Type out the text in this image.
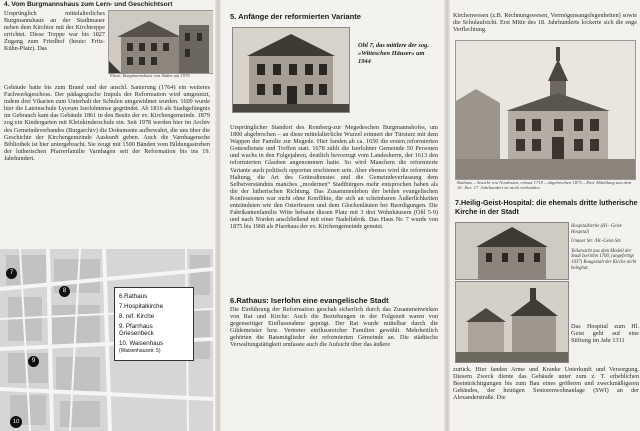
4. Vom Burgmannshaus zum Lern- und Geschichtsort

Ursprünglich mittelalterliches Burgmannshaus an der Stadtmauer neben dem Kirchtor mit der Kirchtreppe errichtet. Diese Treppe war bis 1827 Zugang zum Friedhof (heute: Fritz-Kühn-Platz). Das

Ehem. Burgmannshaus von Süden um 1970

Gebäude hatte bis zum Brand und der anschl. Sanierung (1764) ein weiteres Fachwerkgeschoss. Der pädagogische Impuls der Reformation wird umgesetzt, indem drei Vikarien zum Unterhalt der Schulen umgewidmet wurden. 1609 wurde hier die Lateinschule Lyceum Iserlohnense gegründet. Ab 1816 als Stadtgefängnis im Gebrauch kam das Gebäude 1861 in den Besitz der ev. Kirchengemeinde. 1879 zog ein Kindergarten mit Kleinkinderschule ein. Seit 1978 werden hier im Archiv des Gemeindeverbandes (Burgarchiv) die Dokumente aufbewahrt, die uns über die Geschichte der Kirchengemeinde Auskunft geben. Auch die Varnhagensche Bibliothek ist hier untergebracht. Sie zeugt mit 1500 Bänden vom Bildungsstreben der lutherischen Pfarrerfamilie Varnhagen seit der Reformation bis ins 19. Jahrhundert.

7
8
9
10
6.Rathaus
7.Hospitalkirche
8. ref. Kirche
9. Pfarrhaus Griesenbeck
10. Waisenhaus
(Waisenhausstr. 5)
5. Anfänge der reformierten Variante
Ohl 7, das mittlere der sog. »Witteschen Häuser« um 1944

Ursprünglicher Standort des Romberg-zur Megedeschen Burgmannshofes, um 1800 abgebrochen – an diese mittelalterliche Wurzel erinnert der Türsturz mit dem Wappen der Familie zur Megede. Hier fanden ab ca. 1650 die ersten reformierten Gottesdienste und Treffen statt. 1678 zählt die Iserlohner Gemeinde 50 Personen und wuchs in den Folgejahren, deutlich bevorzugt vom Landesherrn, der 1613 den reformierten Glauben angenommen hatte. So wird Manchem die reformierte Variante auch politisch opportun erschienen sein. Aber ebenso wird die reformierte Haltung, die Art des Gottesdienstes und die Gemeindeverfassung dem Selbstverständnis manches „modernen“ Stadtbürgers mehr entsprochen haben als die der lutherischen Richtung. Das Zusammenleben der beiden evangelischen Konfessionen war nicht ohne Konflikte, die sich an scheinbaren Äußerlichkeiten entzündeten wie den Osterfeuern und dem Glockenläuten bei Beerdigungen. Die Fabrikantenfamilie Witte bebaute diesen Platz mit 3 drei Wohnhäusern (Ohl 5-9) und nach Norden anschließend mit einer Nadelfabrik. Das Haus Nr. 7 wurde von 1875 bis 1968 als Pfarrhaus der ev. Kirchengemeinde genutzt.

6.Rathaus: Iserlohn eine evangelische Stadt

Die Einführung der Reformation geschah sicherlich durch das Zusammenwirken von Rat und Kirche: Auch die Beziehungen in der Folgezeit waren von gegenseitiger Einflussnahme geprägt. Der Rat wurde mittelbar durch die Gildemeister bzw. Vertreter einflussreicher Familien gewählt. Mehrheitlich gehörten die Ratsmitglieder der reformierten Gemeinde an. Die städtische Verwaltungstätigkeit umfasste auch die Aufsicht über das äußere

Kirchenwesen (z.B. Rechnungswesen, Vermögensangelegenheiten) sowie die Schulaufsicht. Erst Mitte des 18. Jahrhunderts lockerte sich die enge Verflechtung.

Rathaus – Ansicht von Nordosten, erbaut 1718 – abgebrochen 1875 – Eine Abbildung aus dem 16. Jhrt. 17. Jahrhundert ist nicht vorhanden.
7.Heilig-Geist-Hospital: die ehemals dritte lutherische Kirche in der Stadt

Hospitalkirche (Hl.- Geist-Hospital)

Unnaer Str. /Hl.-Geist-Str.

Teilansicht aus dem Modell der Stadt Iserlohn 1700, (angefertigt 1937) Baugestalt der Kirche nicht belegbar.

Das Hospital zum Hl. Geist geht auf eine Stiftung im Jahr 1311

zurück. Hier fanden Arme und Kranke Unterkunft und Versorgung. Diesem Zweck diente das Gebäude unter zum z. T. erheblichen Beeinträchtigungen bis zum Bau eines größeren und zweckmäßigeren Gebäudes, der heutigen Seniorenwohnanlage (SWI) an der Alexanderstraße. Die
